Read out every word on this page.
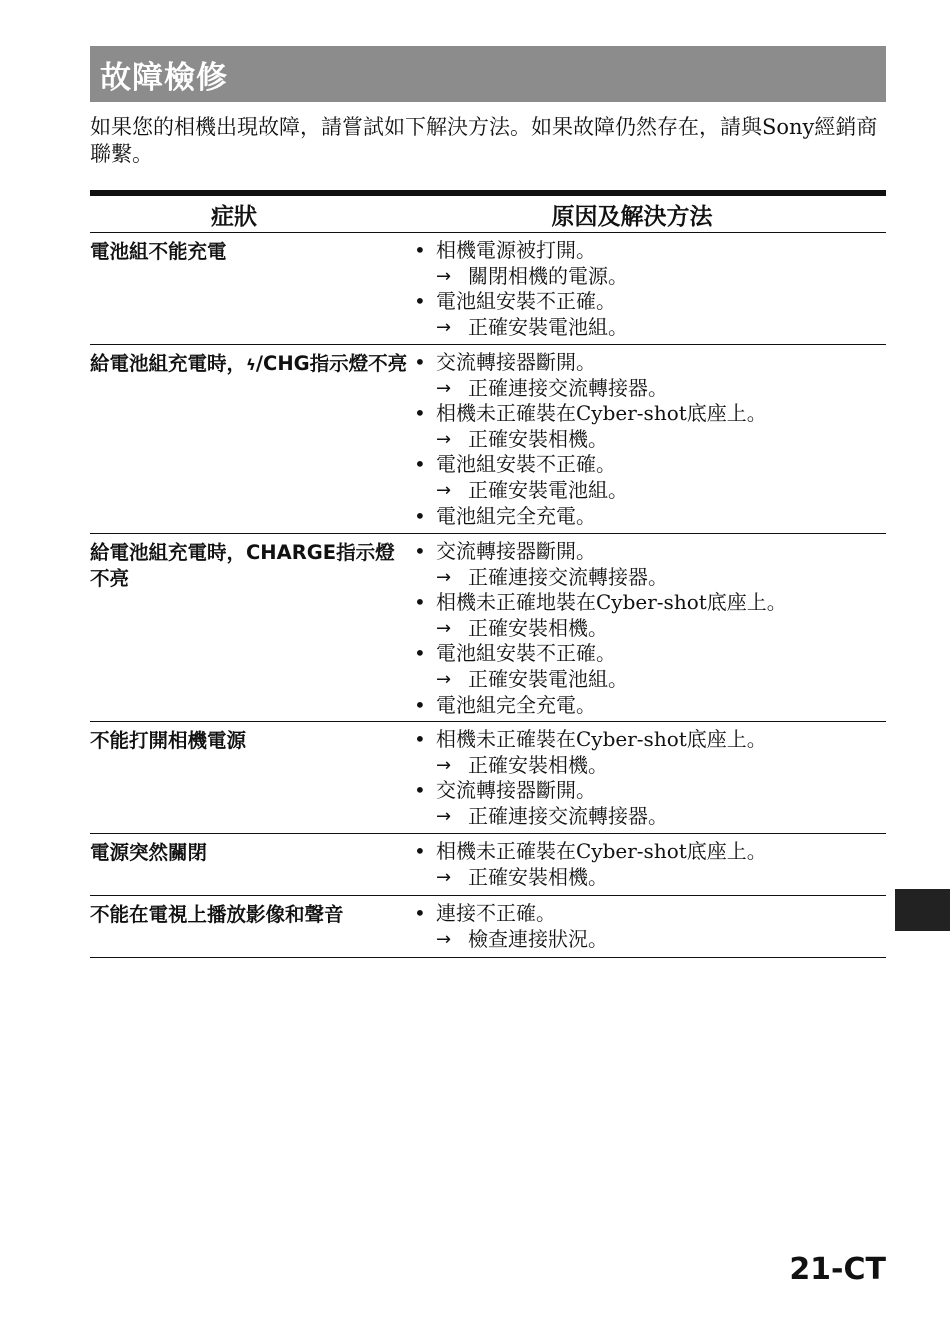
故障檢修
如果您的相機出現故障，請嘗試如下解決方法。如果故障仍然存在，請與Sony經銷商聯繫。
症狀	原因及解決方法
電池組不能充電	• 相機電源被打開。
→ 關閉相機的電源。
• 電池組安裝不正確。
→ 正確安裝電池組。
給電池組充電時，ϟ/CHG指示燈不亮 • 交流轉接器斷開。
→ 正確連接交流轉接器。
• 相機未正確裝在Cyber-shot底座上。
→ 正確安裝相機。
• 電池組安裝不正確。
→ 正確安裝電池組。
• 電池組完全充電。
給電池組充電時，CHARGE指示燈不亮
• 交流轉接器斷開。
→ 正確連接交流轉接器。
• 相機未正確地裝在Cyber-shot底座上。
→ 正確安裝相機。
• 電池組安裝不正確。
→ 正確安裝電池組。
• 電池組完全充電。
不能打開相機電源	• 相機未正確裝在Cyber-shot底座上。
→ 正確安裝相機。
• 交流轉接器斷開。
→ 正確連接交流轉接器。
電源突然關閉	• 相機未正確裝在Cyber-shot底座上。
→ 正確安裝相機。
不能在電視上播放影像和聲音	• 連接不正確。
→ 檢查連接狀況。
21-CT
